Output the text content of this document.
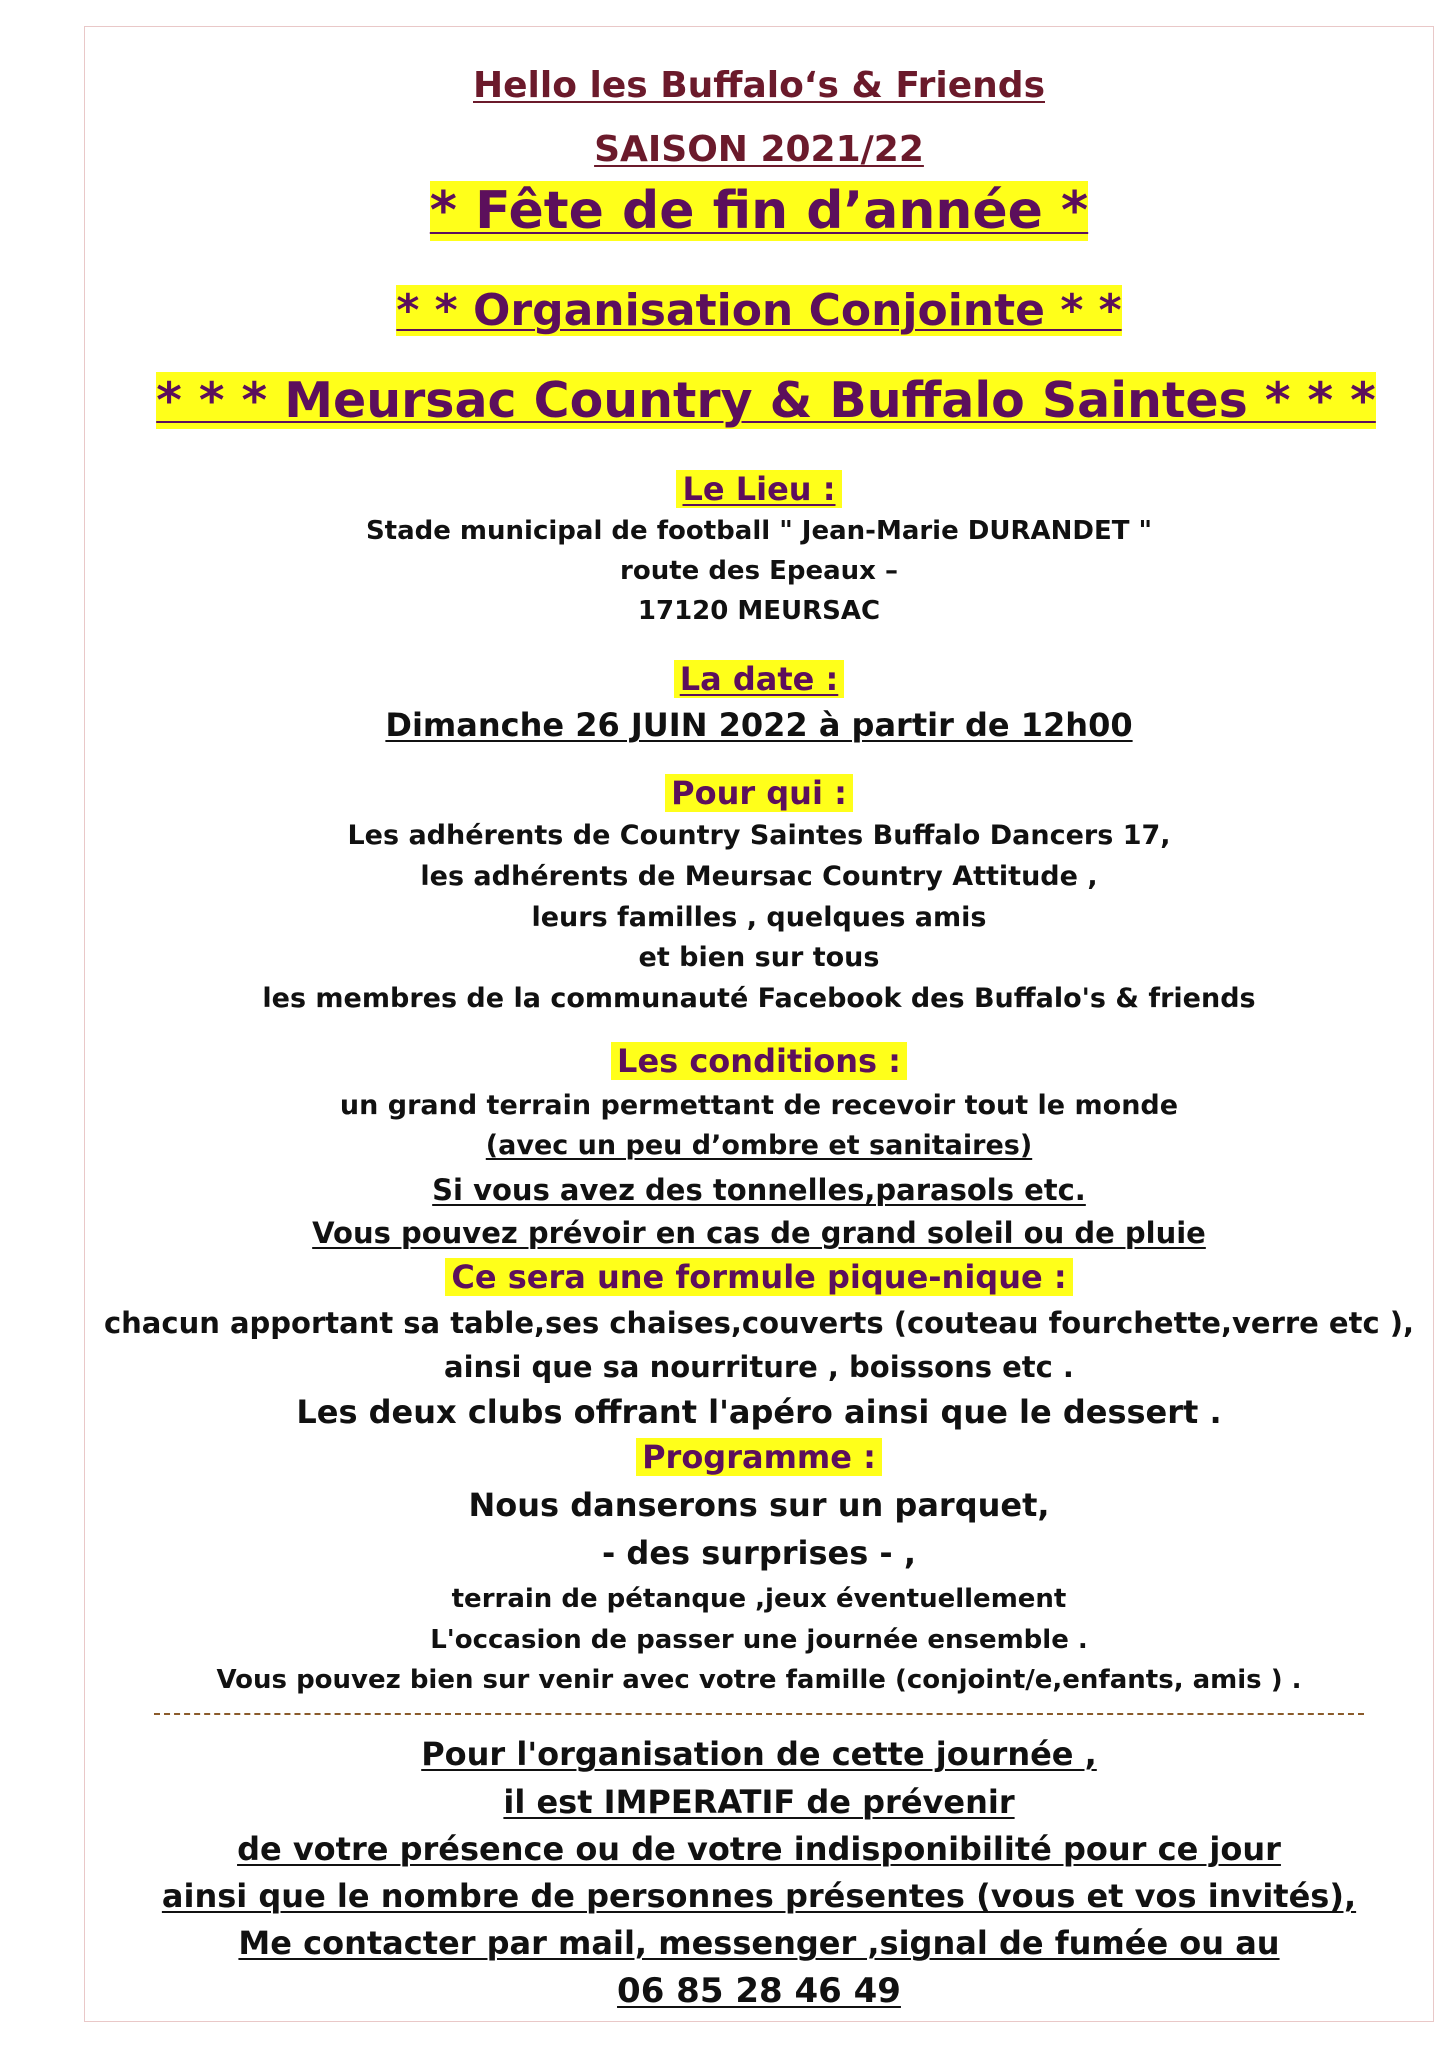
Hello les Buffalo‘s & Friends
SAISON 2021/22
* Fête de fin d’année *
* * Organisation Conjointe * *
* * * Meursac Country & Buffalo Saintes * * *
Le Lieu :
Stade municipal de football " Jean-Marie DURANDET "
route des Epeaux –
17120 MEURSAC
La date :
Dimanche 26 JUIN 2022 à partir de 12h00
Pour qui :
Les adhérents de Country Saintes Buffalo Dancers 17,
les adhérents de Meursac Country Attitude ,
leurs familles , quelques amis
et bien sur tous
les membres de la communauté Facebook des Buffalo's & friends
Les conditions :
un grand terrain permettant de recevoir tout le monde
(avec un peu d’ombre et sanitaires)
Si vous avez des tonnelles,parasols etc.
Vous pouvez prévoir en cas de grand soleil ou de pluie
Ce sera une formule pique-nique :
chacun apportant sa table,ses chaises,couverts (couteau fourchette,verre etc ),
ainsi que sa nourriture , boissons etc .
Les deux clubs offrant l'apéro ainsi que le dessert .
Programme :
Nous danserons sur un parquet,
- des surprises - ,
terrain de pétanque ,jeux éventuellement
L'occasion de passer une journée ensemble .
Vous pouvez bien sur venir avec votre famille (conjoint/e,enfants, amis ) .
Pour l'organisation de cette journée ,
il est IMPERATIF de prévenir
de votre présence ou de votre indisponibilité pour ce jour
ainsi que le nombre de personnes présentes (vous et vos invités),
Me contacter par mail, messenger ,signal de fumée ou au
06 85 28 46 49
